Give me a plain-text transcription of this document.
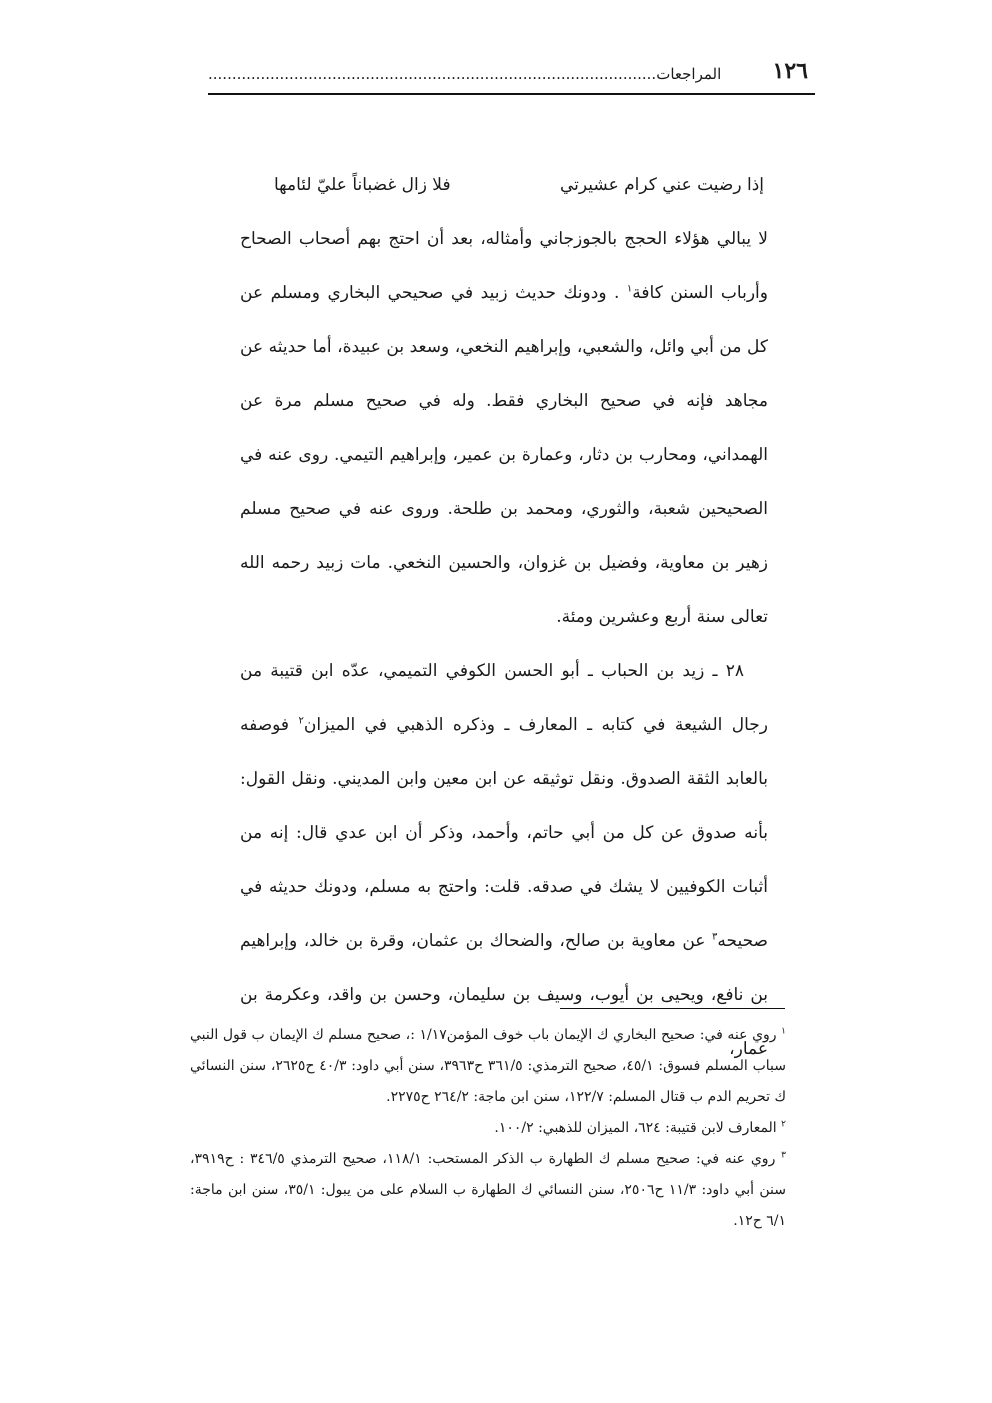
١٢٦
المراجعات..............................................................................................
إذا رضيت عني كرام عشيرتي
فلا زال غضباناً عليّ لئامها

لا يبالي هؤلاء الحجج بالجوزجاني وأمثاله، بعد أن احتج بهم أصحاب الصحاح وأرباب السنن كافة$^١$ . ودونك حديث زبيد في صحيحي البخاري ومسلم عن كل من أبي وائل، والشعبي، وإبراهيم النخعي، وسعد بن عبيدة، أما حديثه عن مجاهد فإنه في صحيح البخاري فقط. وله في صحيح مسلم مرة عن الهمداني، ومحارب بن دثار، وعمارة بن عمير، وإبراهيم التيمي. روى عنه في الصحيحين شعبة، والثوري، ومحمد بن طلحة. وروى عنه في صحيح مسلم زهير بن معاوية، وفضيل بن غزوان، والحسين النخعي. مات زبيد رحمه الله تعالى سنة أربع وعشرين ومئة.

٢٨ ـ زيد بن الحباب ـ أبو الحسن الكوفي التميمي، عدّه ابن قتيبة من رجال الشيعة في كتابه ـ المعارف ـ وذكره الذهبي في الميزان$^٢$ فوصفه بالعابد الثقة الصدوق. ونقل توثيقه عن ابن معين وابن المديني. ونقل القول: بأنه صدوق عن كل من أبي حاتم، وأحمد، وذكر أن ابن عدي قال: إنه من أثبات الكوفيين لا يشك في صدقه. قلت: واحتج به مسلم، ودونك حديثه في صحيحه$^٣$ عن معاوية بن صالح، والضحاك بن عثمان، وقرة بن خالد، وإبراهيم بن نافع، ويحيى بن أيوب، وسيف بن سليمان، وحسن بن واقد، وعكرمة بن عمار،

$^١$ روي عنه في: صحيح البخاري ك الإيمان باب خوف المؤمن١/١٧ :، صحيح مسلم ك الإيمان ب قول النبي سباب المسلم فسوق: ٤٥/١، صحيح الترمذي: ٣٦١/٥ ح٣٩٦٣، سنن أبي داود: ٤٠/٣ ح٢٦٢٥، سنن النسائي ك تحريم الدم ب قتال المسلم: ١٢٢/٧، سنن ابن ماجة: ٢٦٤/٢ ح٢٢٧٥.

$^٢$ المعارف لابن قتيبة: ٦٢٤، الميزان للذهبي: ١٠٠/٢.

$^٣$ روي عنه في: صحيح مسلم ك الطهارة ب الذكر المستحب: ١١٨/١، صحيح الترمذي ٣٤٦/٥ : ح٣٩١٩، سنن أبي داود: ١١/٣ ح٢٥٠٦، سنن النسائي ك الطهارة ب السلام على من يبول: ٣٥/١، سنن ابن ماجة: ٦/١ ح١٢.
